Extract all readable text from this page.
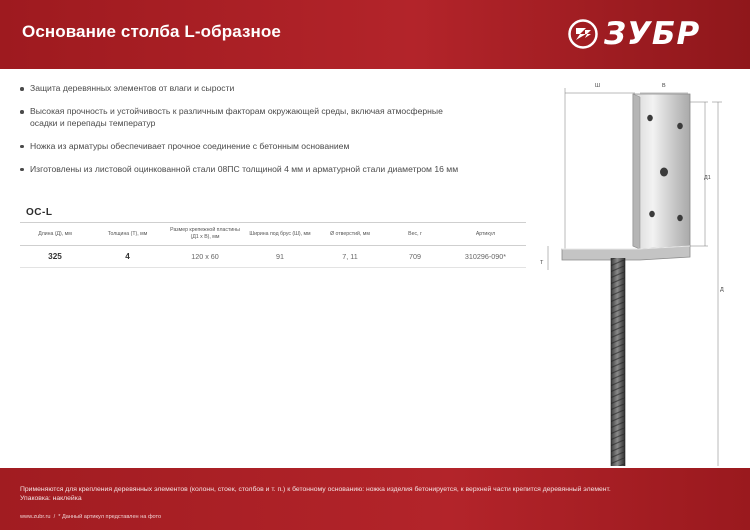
Основание столба L-образное	ЗУБР
Защита деревянных элементов от влаги и сырости
Высокая прочность и устойчивость к различным факторам окружающей среды, включая атмосферные осадки и перепады температур
Ножка из арматуры обеспечивает прочное соединение с бетонным основанием
Изготовлены из листовой оцинкованной стали 08ПС толщиной 4 мм и арматурной стали диаметром 16 мм
ОС-L
Длина (Д), мм	Толщина (Т), мм	Размер крепежной пластины (Д1 х В), мм	Ширина под брус (Ш), мм	Ø отверстий, мм	Вес, г	Артикул
325	4	120 х 60	91	7, 11	709	310296-090*
Ш	В
Д1
Т
Д
Применяются для крепления деревянных элементов (колонн, стоек, столбов и т. п.) к бетонному основанию: ножка изделия бетонируется, к верхней части крепится деревянный элемент.
Упаковка: наклейка
www.zubr.ru / * Данный артикул представлен на фото
